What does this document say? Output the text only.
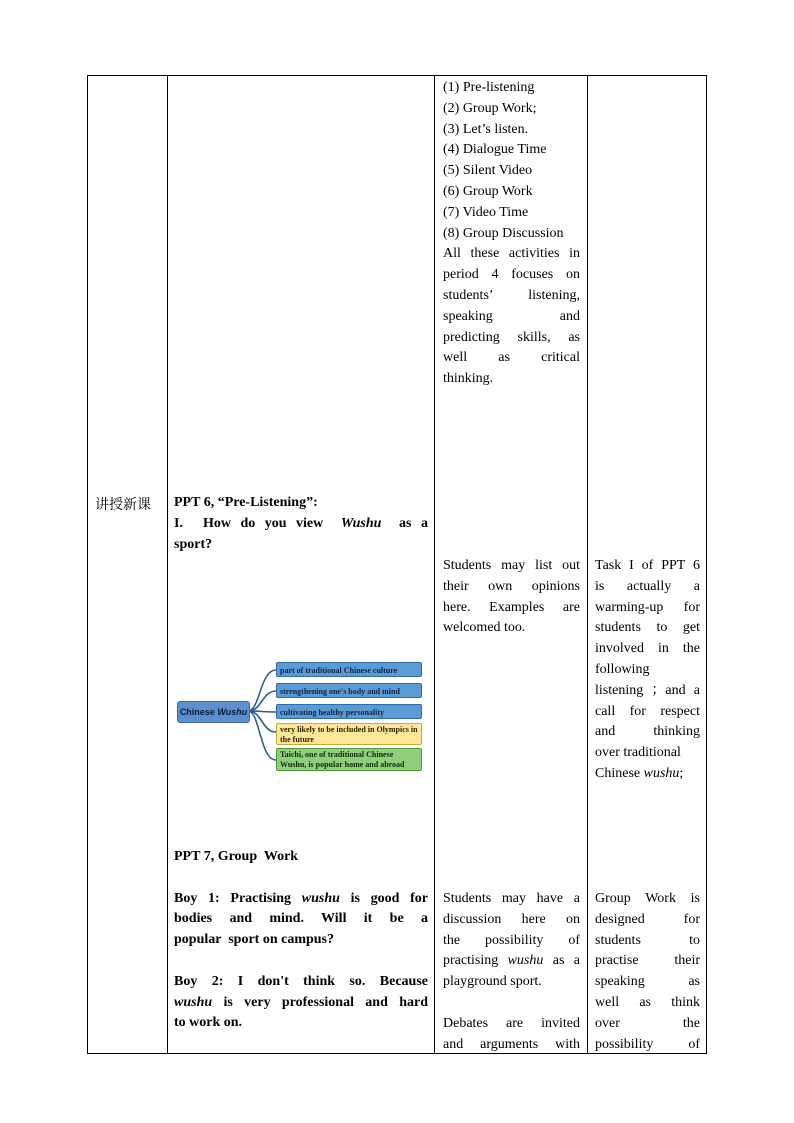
讲授新课
(1) Pre-listening
(2) Group Work;
(3) Let’s listen.
(4) Dialogue Time
(5) Silent Video
(6) Group Work
(7) Video Time
(8) Group Discussion
All these activities in
period 4 focuses on
students’ listening,
speaking and
predicting skills, as
well as critical
thinking.
PPT 6, “Pre-Listening”:
I. How do you view Wushu as a
sport?
Chinese Wushu
part of traditional Chinese culture
strengthening one's body and mind
cultivating healthy personality
very likely to be included in Olympics in the future
Taichi, one of traditional Chinese Wushu, is popular home and abroad
Students may list out
their own opinions
here. Examples are
welcomed too.
Task I of PPT 6
is actually a
warming-up for
students to get
involved in the
following
listening ；and a
call for respect
and thinking
over traditional
Chinese wushu;
PPT 7, Group  Work
Boy 1: Practising wushu is good for
bodies and mind. Will it be a
popular  sport on campus?
Boy 2: I don't think so. Because
wushu is very professional and hard
to work on.
Students may have a
discussion here on
the possibility of
practising wushu as a
playground sport.
Debates are invited
and arguments with
Group Work is
designed for
students to
practise their
speaking as
well as think
over the
possibility of
